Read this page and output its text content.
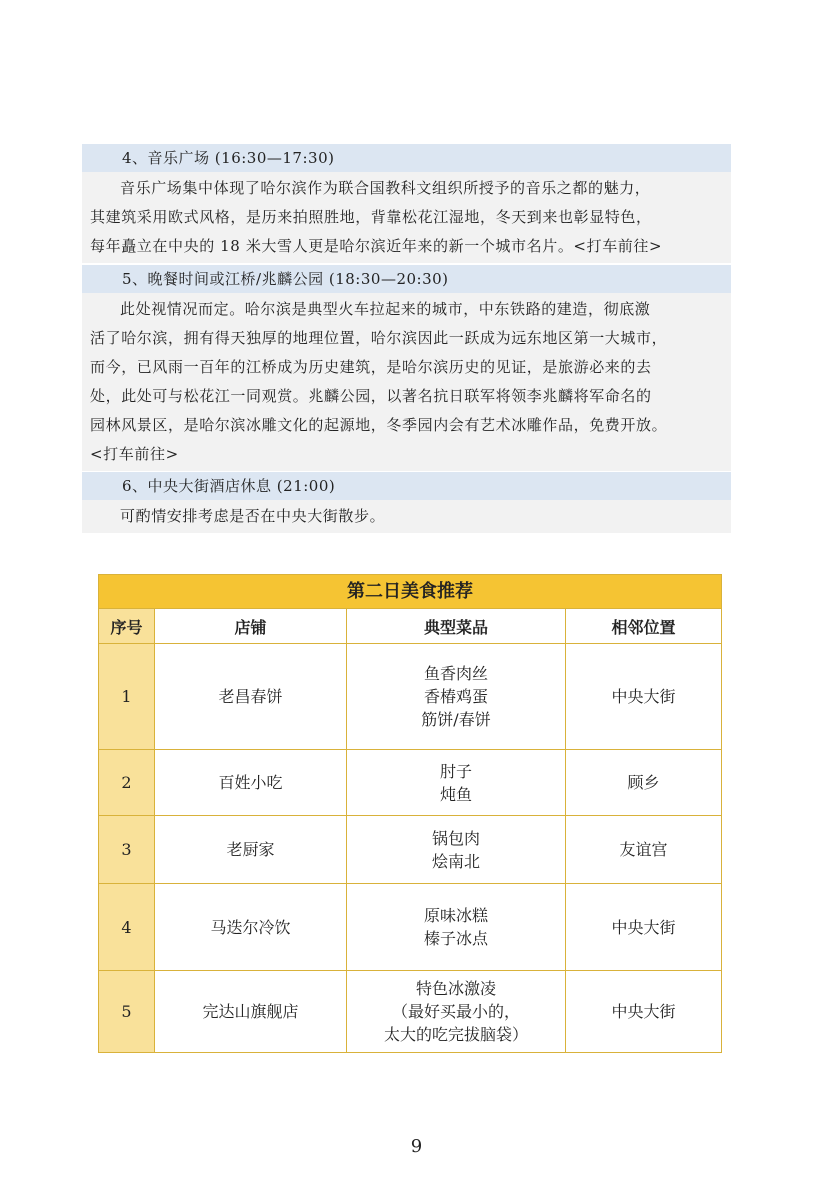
4、音乐广场 (16:30—17:30)
音乐广场集中体现了哈尔滨作为联合国教科文组织所授予的音乐之都的魅力，
其建筑采用欧式风格，是历来拍照胜地，背靠松花江湿地，冬天到来也彰显特色，
每年矗立在中央的 18 米大雪人更是哈尔滨近年来的新一个城市名片。<打车前往>
5、晚餐时间或江桥/兆麟公园 (18:30—20:30)
此处视情况而定。哈尔滨是典型火车拉起来的城市，中东铁路的建造，彻底激
活了哈尔滨，拥有得天独厚的地理位置，哈尔滨因此一跃成为远东地区第一大城市，
而今，已风雨一百年的江桥成为历史建筑，是哈尔滨历史的见证，是旅游必来的去
处，此处可与松花江一同观赏。兆麟公园，以著名抗日联军将领李兆麟将军命名的
园林风景区，是哈尔滨冰雕文化的起源地，冬季园内会有艺术冰雕作品，免费开放。
<打车前往>
6、中央大街酒店休息 (21:00)
可酌情安排考虑是否在中央大街散步。
第二日美食推荐
序号	店铺	典型菜品	相邻位置
1	老昌春饼	鱼香肉丝
香椿鸡蛋
筋饼/春饼	中央大街
2	百姓小吃	肘子
炖鱼	顾乡
3	老厨家	锅包肉
烩南北	友谊宫
4	马迭尔冷饮	原味冰糕
榛子冰点	中央大街
5	完达山旗舰店	特色冰激凌
（最好买最小的，
太大的吃完拔脑袋）	中央大街
9
